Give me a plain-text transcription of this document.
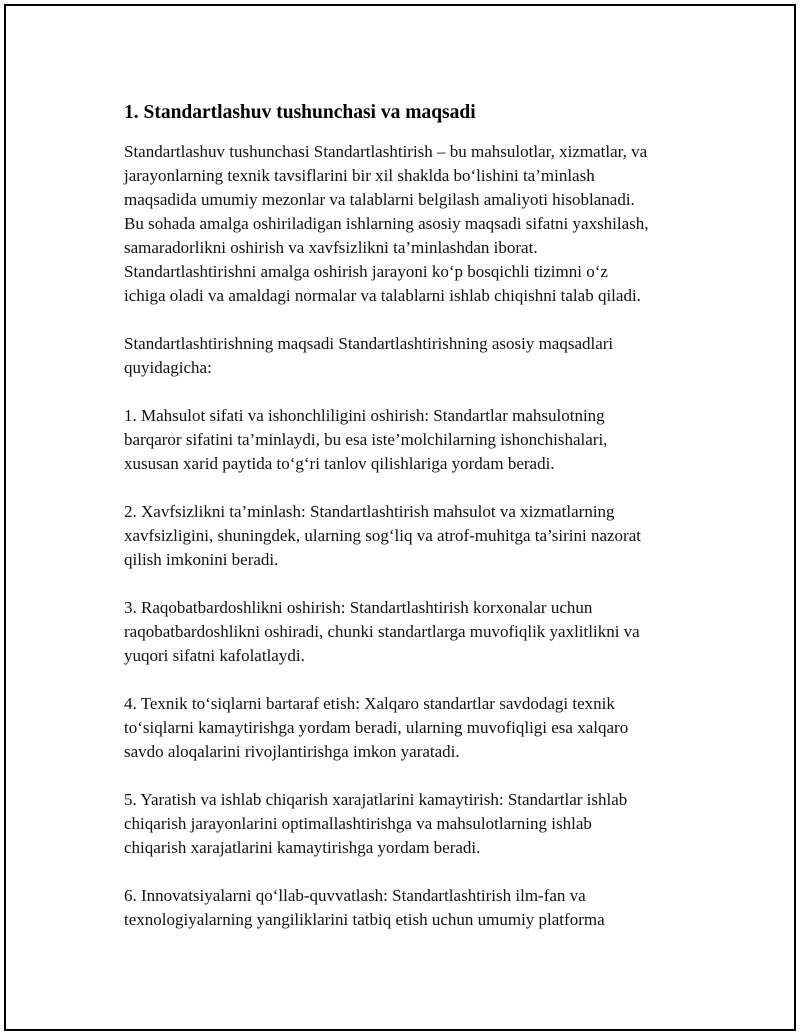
1. Standartlashuv tushunchasi va maqsadi
Standartlashuv tushunchasi Standartlashtirish – bu mahsulotlar, xizmatlar, va
jarayonlarning texnik tavsiflarini bir xil shaklda bo‘lishini ta’minlash
maqsadida umumiy mezonlar va talablarni belgilash amaliyoti hisoblanadi.
Bu sohada amalga oshiriladigan ishlarning asosiy maqsadi sifatni yaxshilash,
samaradorlikni oshirish va xavfsizlikni ta’minlashdan iborat.
Standartlashtirishni amalga oshirish jarayoni ko‘p bosqichli tizimni o‘z
ichiga oladi va amaldagi normalar va talablarni ishlab chiqishni talab qiladi.
Standartlashtirishning maqsadi Standartlashtirishning asosiy maqsadlari
quyidagicha:
1. Mahsulot sifati va ishonchliligini oshirish: Standartlar mahsulotning
barqaror sifatini ta’minlaydi, bu esa iste’molchilarning ishonchishalari,
xususan xarid paytida to‘g‘ri tanlov qilishlariga yordam beradi.
2. Xavfsizlikni ta’minlash: Standartlashtirish mahsulot va xizmatlarning
xavfsizligini, shuningdek, ularning sog‘liq va atrof-muhitga ta’sirini nazorat
qilish imkonini beradi.
3. Raqobatbardoshlikni oshirish: Standartlashtirish korxonalar uchun
raqobatbardoshlikni oshiradi, chunki standartlarga muvofiqlik yaxlitlikni va
yuqori sifatni kafolatlaydi.
4. Texnik to‘siqlarni bartaraf etish: Xalqaro standartlar savdodagi texnik
to‘siqlarni kamaytirishga yordam beradi, ularning muvofiqligi esa xalqaro
savdo aloqalarini rivojlantirishga imkon yaratadi.
5. Yaratish va ishlab chiqarish xarajatlarini kamaytirish: Standartlar ishlab
chiqarish jarayonlarini optimallashtirishga va mahsulotlarning ishlab
chiqarish xarajatlarini kamaytirishga yordam beradi.
6. Innovatsiyalarni qo‘llab-quvvatlash: Standartlashtirish ilm-fan va
texnologiyalarning yangiliklarini tatbiq etish uchun umumiy platforma
